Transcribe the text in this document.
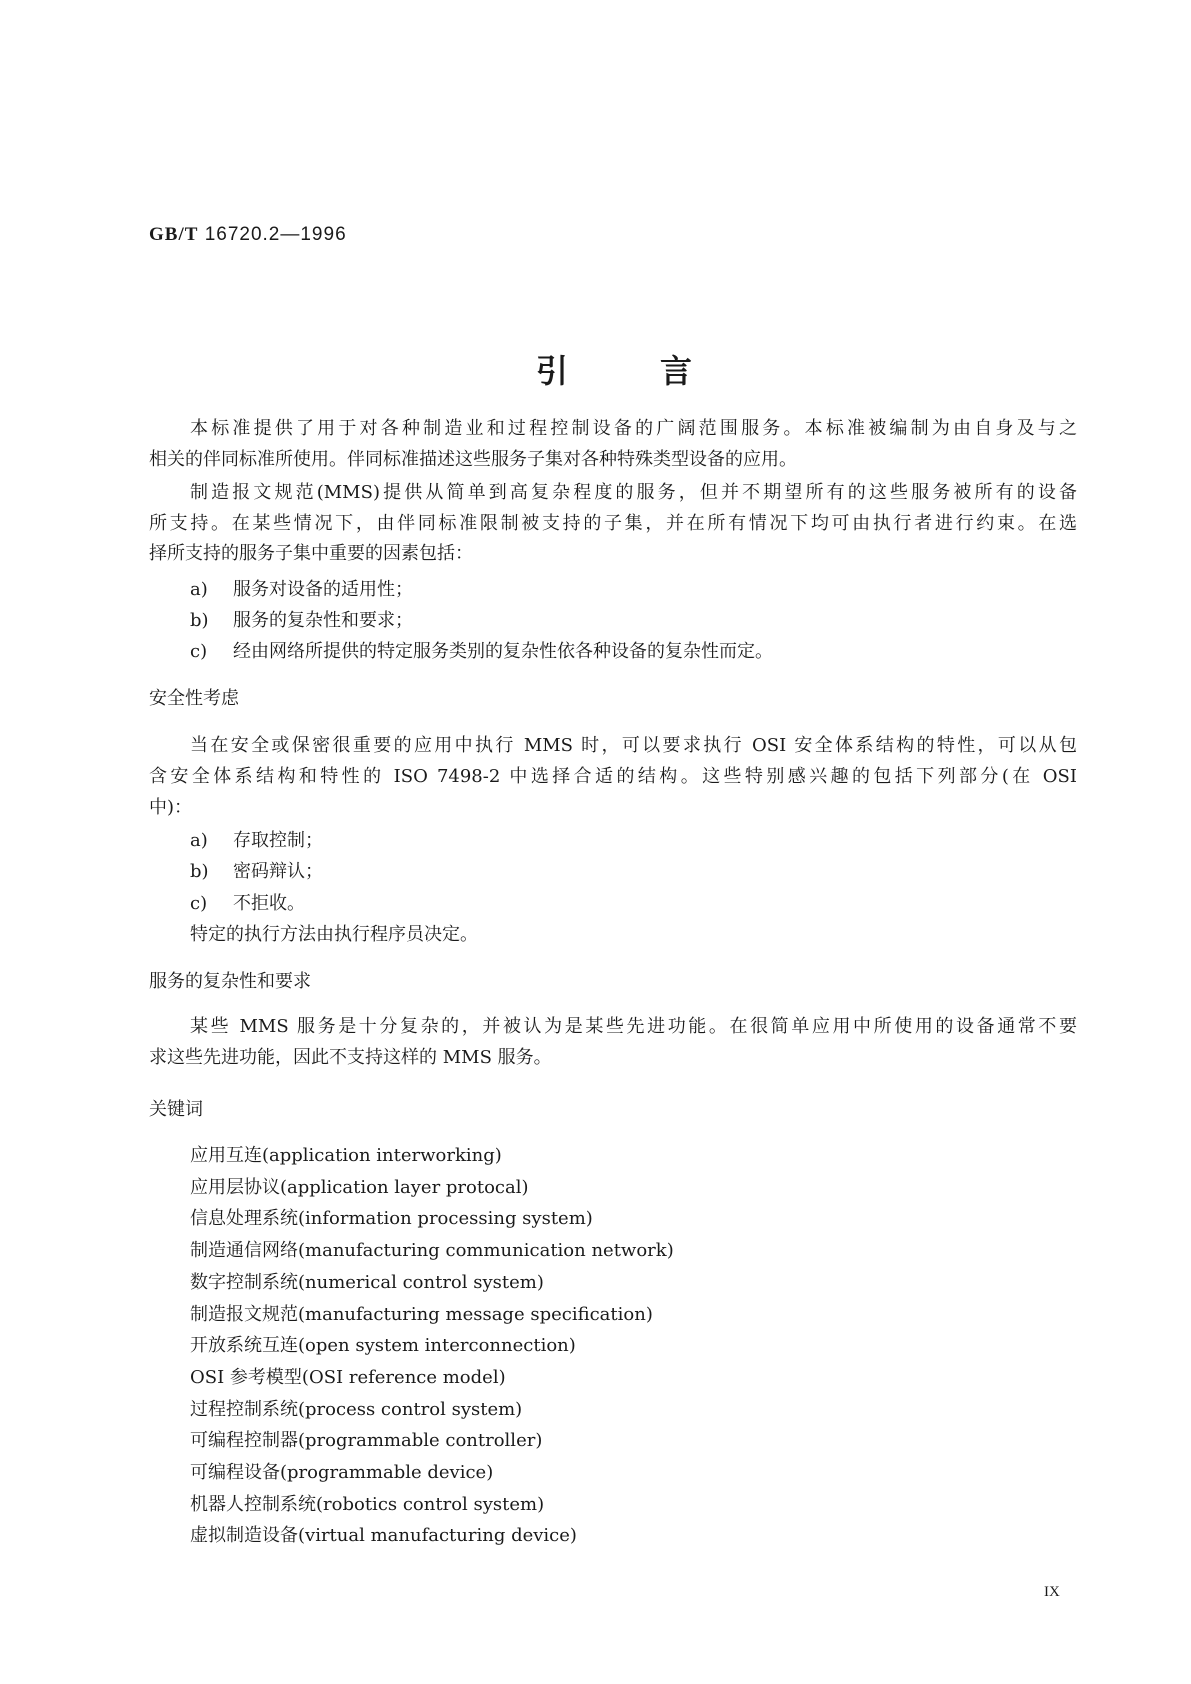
GB/T 16720.2—1996
引	言
本标准提供了用于对各种制造业和过程控制设备的广阔范围服务。本标准被编制为由自身及与之
相关的伴同标准所使用。伴同标准描述这些服务子集对各种特殊类型设备的应用。
制造报文规范(MMS)提供从简单到高复杂程度的服务，但并不期望所有的这些服务被所有的设备
所支持。在某些情况下，由伴同标准限制被支持的子集，并在所有情况下均可由执行者进行约束。在选
择所支持的服务子集中重要的因素包括：
a) 服务对设备的适用性；
b) 服务的复杂性和要求；
c) 经由网络所提供的特定服务类别的复杂性依各种设备的复杂性而定。
安全性考虑
当在安全或保密很重要的应用中执行 MMS 时，可以要求执行 OSI 安全体系结构的特性，可以从包
含安全体系结构和特性的 ISO 7498-2 中选择合适的结构。这些特别感兴趣的包括下列部分(在 OSI
中)：
a) 存取控制；
b) 密码辩认；
c) 不拒收。
特定的执行方法由执行程序员决定。
服务的复杂性和要求
某些 MMS 服务是十分复杂的，并被认为是某些先进功能。在很简单应用中所使用的设备通常不要
求这些先进功能，因此不支持这样的 MMS 服务。
关键词
应用互连(application interworking)
应用层协议(application layer protocal)
信息处理系统(information processing system)
制造通信网络(manufacturing communication network)
数字控制系统(numerical control system)
制造报文规范(manufacturing message specification)
开放系统互连(open system interconnection)
OSI 参考模型(OSI reference model)
过程控制系统(process control system)
可编程控制器(programmable controller)
可编程设备(programmable device)
机器人控制系统(robotics control system)
虚拟制造设备(virtual manufacturing device)
IX
